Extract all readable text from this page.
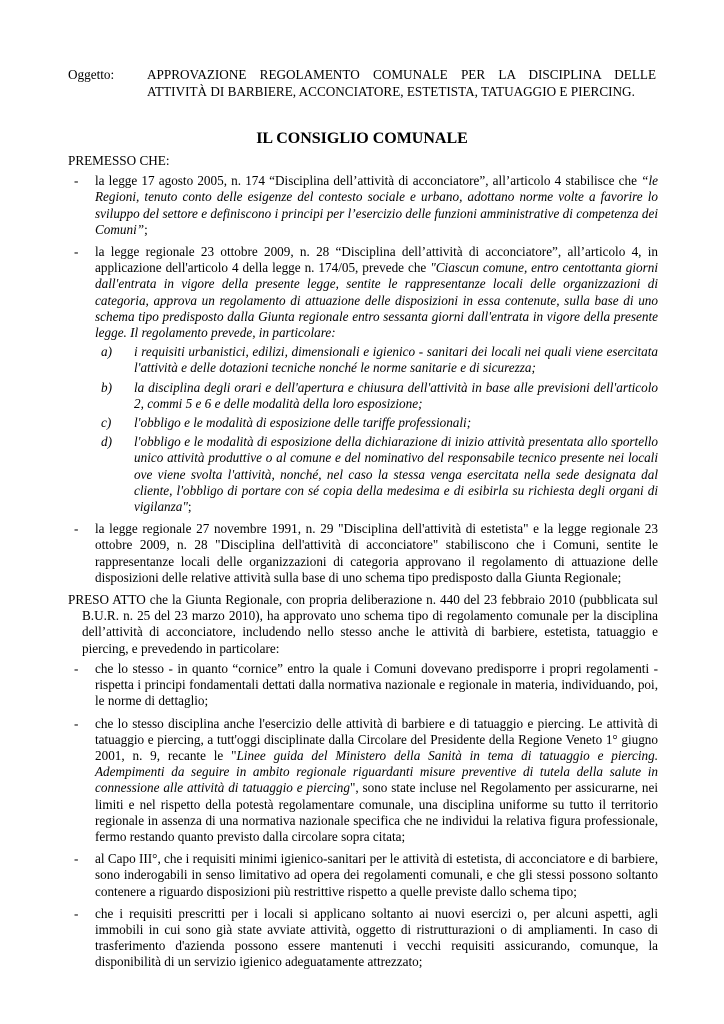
Oggetto: APPROVAZIONE REGOLAMENTO COMUNALE PER LA DISCIPLINA DELLE
ATTIVITÀ DI BARBIERE, ACCONCIATORE, ESTETISTA, TATUAGGIO E PIERCING.
IL CONSIGLIO COMUNALE
PREMESSO CHE:
- la legge 17 agosto 2005, n. 174 “Disciplina dell’attività di acconciatore”, all’articolo 4 stabilisce che “le Regioni, tenuto conto delle esigenze del contesto sociale e urbano, adottano norme volte a favorire lo sviluppo del settore e definiscono i principi per l’esercizio delle funzioni amministrative di competenza dei Comuni”;
- la legge regionale 23 ottobre 2009, n. 28 “Disciplina dell’attività di acconciatore”, all’articolo 4, in applicazione dell'articolo 4 della legge n. 174/05, prevede che "Ciascun comune, entro centottanta giorni dall'entrata in vigore della presente legge, sentite le rappresentanze locali delle organizzazioni di categoria, approva un regolamento di attuazione delle disposizioni in essa contenute, sulla base di uno schema tipo predisposto dalla Giunta regionale entro sessanta giorni dall'entrata in vigore della presente legge. Il regolamento prevede, in particolare:
a) i requisiti urbanistici, edilizi, dimensionali e igienico - sanitari dei locali nei quali viene esercitata l'attività e delle dotazioni tecniche nonché le norme sanitarie e di sicurezza;
b) la disciplina degli orari e dell'apertura e chiusura dell'attività in base alle previsioni dell'articolo 2, commi 5 e 6 e delle modalità della loro esposizione;
c) l'obbligo e le modalità di esposizione delle tariffe professionali;
d) l'obbligo e le modalità di esposizione della dichiarazione di inizio attività presentata allo sportello unico attività produttive o al comune e del nominativo del responsabile tecnico presente nei locali ove viene svolta l'attività, nonché, nel caso la stessa venga esercitata nella sede designata dal cliente, l'obbligo di portare con sé copia della medesima e di esibirla su richiesta degli organi di vigilanza";
- la legge regionale 27 novembre 1991, n. 29 "Disciplina dell'attività di estetista" e la legge regionale 23 ottobre 2009, n. 28 "Disciplina dell'attività di acconciatore" stabiliscono che i Comuni, sentite le rappresentanze locali delle organizzazioni di categoria approvano il regolamento di attuazione delle disposizioni delle relative attività sulla base di uno schema tipo predisposto dalla Giunta Regionale;
PRESO ATTO che la Giunta Regionale, con propria deliberazione n. 440 del 23 febbraio 2010 (pubblicata sul B.U.R. n. 25 del 23 marzo 2010), ha approvato uno schema tipo di regolamento comunale per la disciplina dell’attività di acconciatore, includendo nello stesso anche le attività di barbiere, estetista, tatuaggio e piercing, e prevedendo in particolare:
- che lo stesso - in quanto “cornice” entro la quale i Comuni dovevano predisporre i propri regolamenti - rispetta i principi fondamentali dettati dalla normativa nazionale e regionale in materia, individuando, poi, le norme di dettaglio;
- che lo stesso disciplina anche l'esercizio delle attività di barbiere e di tatuaggio e piercing. Le attività di tatuaggio e piercing, a tutt'oggi disciplinate dalla Circolare del Presidente della Regione Veneto 1° giugno 2001, n. 9, recante le "Linee guida del Ministero della Sanità in tema di tatuaggio e piercing. Adempimenti da seguire in ambito regionale riguardanti misure preventive di tutela della salute in connessione alle attività di tatuaggio e piercing", sono state incluse nel Regolamento per assicurarne, nei limiti e nel rispetto della potestà regolamentare comunale, una disciplina uniforme su tutto il territorio regionale in assenza di una normativa nazionale specifica che ne individui la relativa figura professionale, fermo restando quanto previsto dalla circolare sopra citata;
- al Capo III°, che i requisiti minimi igienico-sanitari per le attività di estetista, di acconciatore e di barbiere, sono inderogabili in senso limitativo ad opera dei regolamenti comunali, e che gli stessi possono soltanto contenere a riguardo disposizioni più restrittive rispetto a quelle previste dallo schema tipo;
- che i requisiti prescritti per i locali si applicano soltanto ai nuovi esercizi o, per alcuni aspetti, agli immobili in cui sono già state avviate attività, oggetto di ristrutturazioni o di ampliamenti. In caso di trasferimento d'azienda possono essere mantenuti i vecchi requisiti assicurando, comunque, la disponibilità di un servizio igienico adeguatamente attrezzato;
